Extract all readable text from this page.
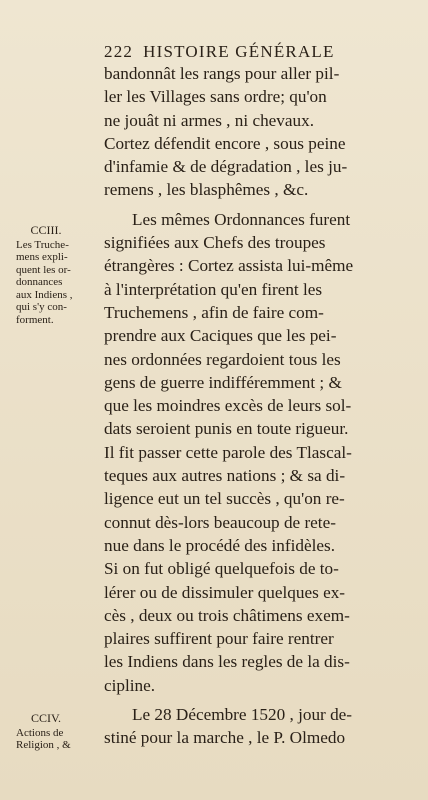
222 HISTOIRE GÉNÉRALE
bandonnât les rangs pour aller pil-
ler les Villages sans ordre; qu'on
ne jouât ni armes , ni chevaux.
Cortez défendit encore , sous peine
d'infamie & de dégradation , les ju-
remens , les blasphêmes , &c.
Les mêmes Ordonnances furent
signifiées aux Chefs des troupes
étrangères : Cortez assista lui-même
à l'interprétation qu'en firent les
Truchemens , afin de faire com-
prendre aux Caciques que les pei-
nes ordonnées regardoient tous les
gens de guerre indifféremment ; &
que les moindres excès de leurs sol-
dats seroient punis en toute rigueur.
Il fit passer cette parole des Tlascal-
teques aux autres nations ; & sa di-
ligence eut un tel succès , qu'on re-
connut dès-lors beaucoup de rete-
nue dans le procédé des infidèles.
Si on fut obligé quelquefois de to-
lérer ou de dissimuler quelques ex-
cès , deux ou trois châtimens exem-
plaires suffirent pour faire rentrer
les Indiens dans les regles de la dis-
cipline.
Le 28 Décembre 1520 , jour de-
stiné pour la marche , le P. Olmedo
CCIII.
Les Truche-
mens expli-
quent les or-
donnances
aux Indiens ,
qui s'y con-
forment.
CCIV.
Actions de
Religion , &
